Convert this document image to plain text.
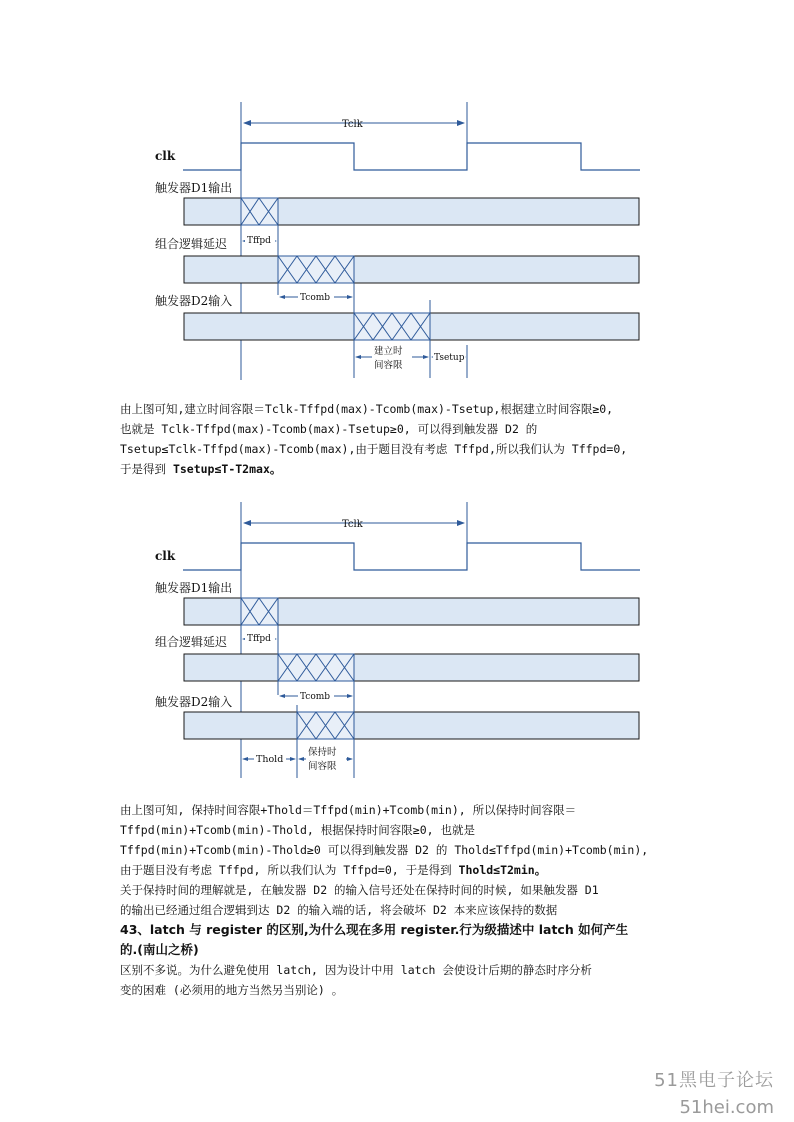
Tclk
clk
触发器D1输出
Tffpd
组合逻辑延迟
Tcomb
触发器D2输入
建立时
间容限
Tsetup

由上图可知,建立时间容限＝Tclk-Tffpd(max)-Tcomb(max)-Tsetup,根据建立时间容限≥0,

也就是 Tclk-Tffpd(max)-Tcomb(max)-Tsetup≥0, 可以得到触发器 D2 的

Tsetup≤Tclk-Tffpd(max)-Tcomb(max),由于题目没有考虑 Tffpd,所以我们认为 Tffpd=0,

于是得到 Tsetup≤T-T2max。

Tclk
clk
触发器D1输出
Tffpd
组合逻辑延迟
Tcomb
触发器D2输入
Thold
保持时
间容限

由上图可知, 保持时间容限+Thold＝Tffpd(min)+Tcomb(min), 所以保持时间容限＝

Tffpd(min)+Tcomb(min)-Thold, 根据保持时间容限≥0, 也就是

Tffpd(min)+Tcomb(min)-Thold≥0 可以得到触发器 D2 的 Thold≤Tffpd(min)+Tcomb(min),

由于题目没有考虑 Tffpd, 所以我们认为 Tffpd=0, 于是得到 Thold≤T2min。

关于保持时间的理解就是, 在触发器 D2 的输入信号还处在保持时间的时候, 如果触发器 D1

的输出已经通过组合逻辑到达 D2 的输入端的话, 将会破坏 D2 本来应该保持的数据

43、latch 与 register 的区别,为什么现在多用 register.行为级描述中 latch 如何产生

的.(南山之桥)

区别不多说。为什么避免使用 latch, 因为设计中用 latch 会使设计后期的静态时序分析

变的困难 (必须用的地方当然另当别论) 。

51黑电子论坛
51hei.com
